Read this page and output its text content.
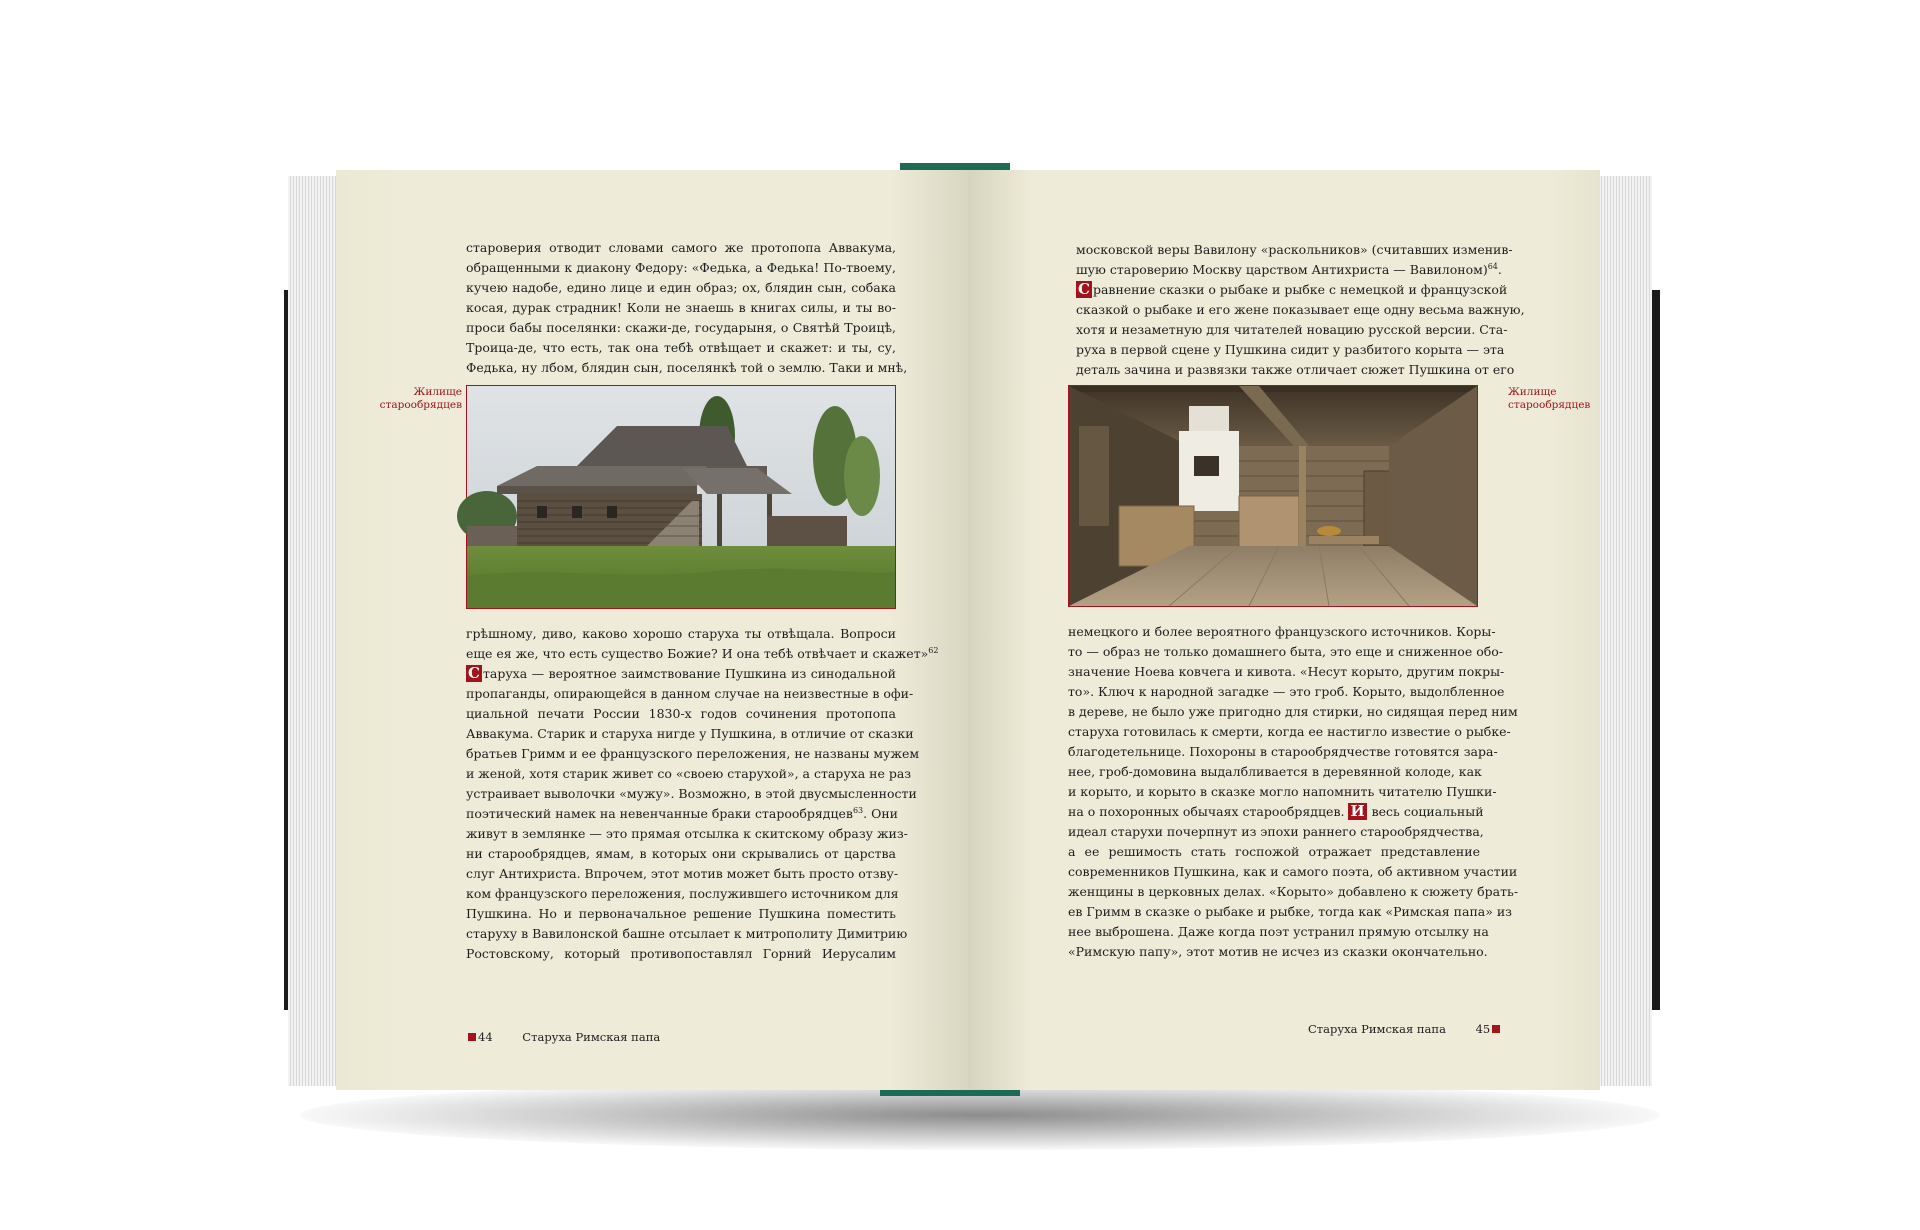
староверия отводит словами самого же протопопа Аввакума,
обращенными к диакону Федору: «Федька, а Федька! По-твоему,
кучею надобе, едино лице и един образ; ох, блядин сын, собака
косая, дурак страдник! Коли не знаешь в книгах силы, и ты во-
проси бабы поселянки: скажи-де, государыня, о Святѣй Троицѣ,
Троица-де, что есть, так она тебѣ отвѣщает и скажет: и ты, су,
Федька, ну лбом, блядин сын, поселянкѣ той о землю. Таки и мнѣ,
Жилище
старообрядцев
грѣшному, диво, каково хорошо старуха ты отвѣщала. Вопроси
еще ея же, что есть существо Божие? И она тебѣ отвѣчает и скажет»$^{62}$
С таруха — вероятное заимствование Пушкина из синодальной
пропаганды, опирающейся в данном случае на неизвестные в офи-
циальной печати России 1830-х годов сочинения протопопа
Аввакума. Старик и старуха нигде у Пушкина, в отличие от сказки
братьев Гримм и ее французского переложения, не названы мужем
и женой, хотя старик живет со «своею старухой», а старуха не раз
устраивает выволочки «мужу». Возможно, в этой двусмысленности
поэтический намек на невенчанные браки старообрядцев$^{63}$. Они
живут в землянке — это прямая отсылка к скитскому образу жиз-
ни старообрядцев, ямам, в которых они скрывались от царства
слуг Антихриста. Впрочем, этот мотив может быть просто отзву-
ком французского переложения, послужившего источником для
Пушкина. Но и первоначальное решение Пушкина поместить
старуху в Вавилонской башне отсылает к митрополиту Димитрию
Ростовскому, который противопоставлял Горний Иерусалим
44	Старуха Римская папа
московской веры Вавилону «раскольников» (считавших изменив-
шую староверию Москву царством Антихриста — Вавилоном)$^{64}$.
С равнение сказки о рыбаке и рыбке с немецкой и французской
сказкой о рыбаке и его жене показывает еще одну весьма важную,
хотя и незаметную для читателей новацию русской версии. Ста-
руха в первой сцене у Пушкина сидит у разбитого корыта — эта
деталь зачина и развязки также отличает сюжет Пушкина от его
Жилище
старообрядцев
немецкого и более вероятного французского источников. Коры-
то — образ не только домашнего быта, это еще и сниженное обо-
значение Ноева ковчега и кивота. «Несут корыто, другим покры-
то». Ключ к народной загадке — это гроб. Корыто, выдолбленное
в дереве, не было уже пригодно для стирки, но сидящая перед ним
старуха готовилась к смерти, когда ее настигло известие о рыбке-
благодетельнице. Похороны в старообрядчестве готовятся зара-
нее, гроб-домовина выдалбливается в деревянной колоде, как
и корыто, и корыто в сказке могло напомнить читателю Пушки-
на о похоронных обычаях старообрядцев. И весь социальный
идеал старухи почерпнут из эпохи раннего старообрядчества,
а ее решимость стать госпожой отражает представление
современников Пушкина, как и самого поэта, об активном участии
женщины в церковных делах. «Корыто» добавлено к сюжету брать-
ев Гримм в сказке о рыбаке и рыбке, тогда как «Римская папа» из
нее выброшена. Даже когда поэт устранил прямую отсылку на
«Римскую папу», этот мотив не исчез из сказки окончательно.
Старуха Римская папа	45
